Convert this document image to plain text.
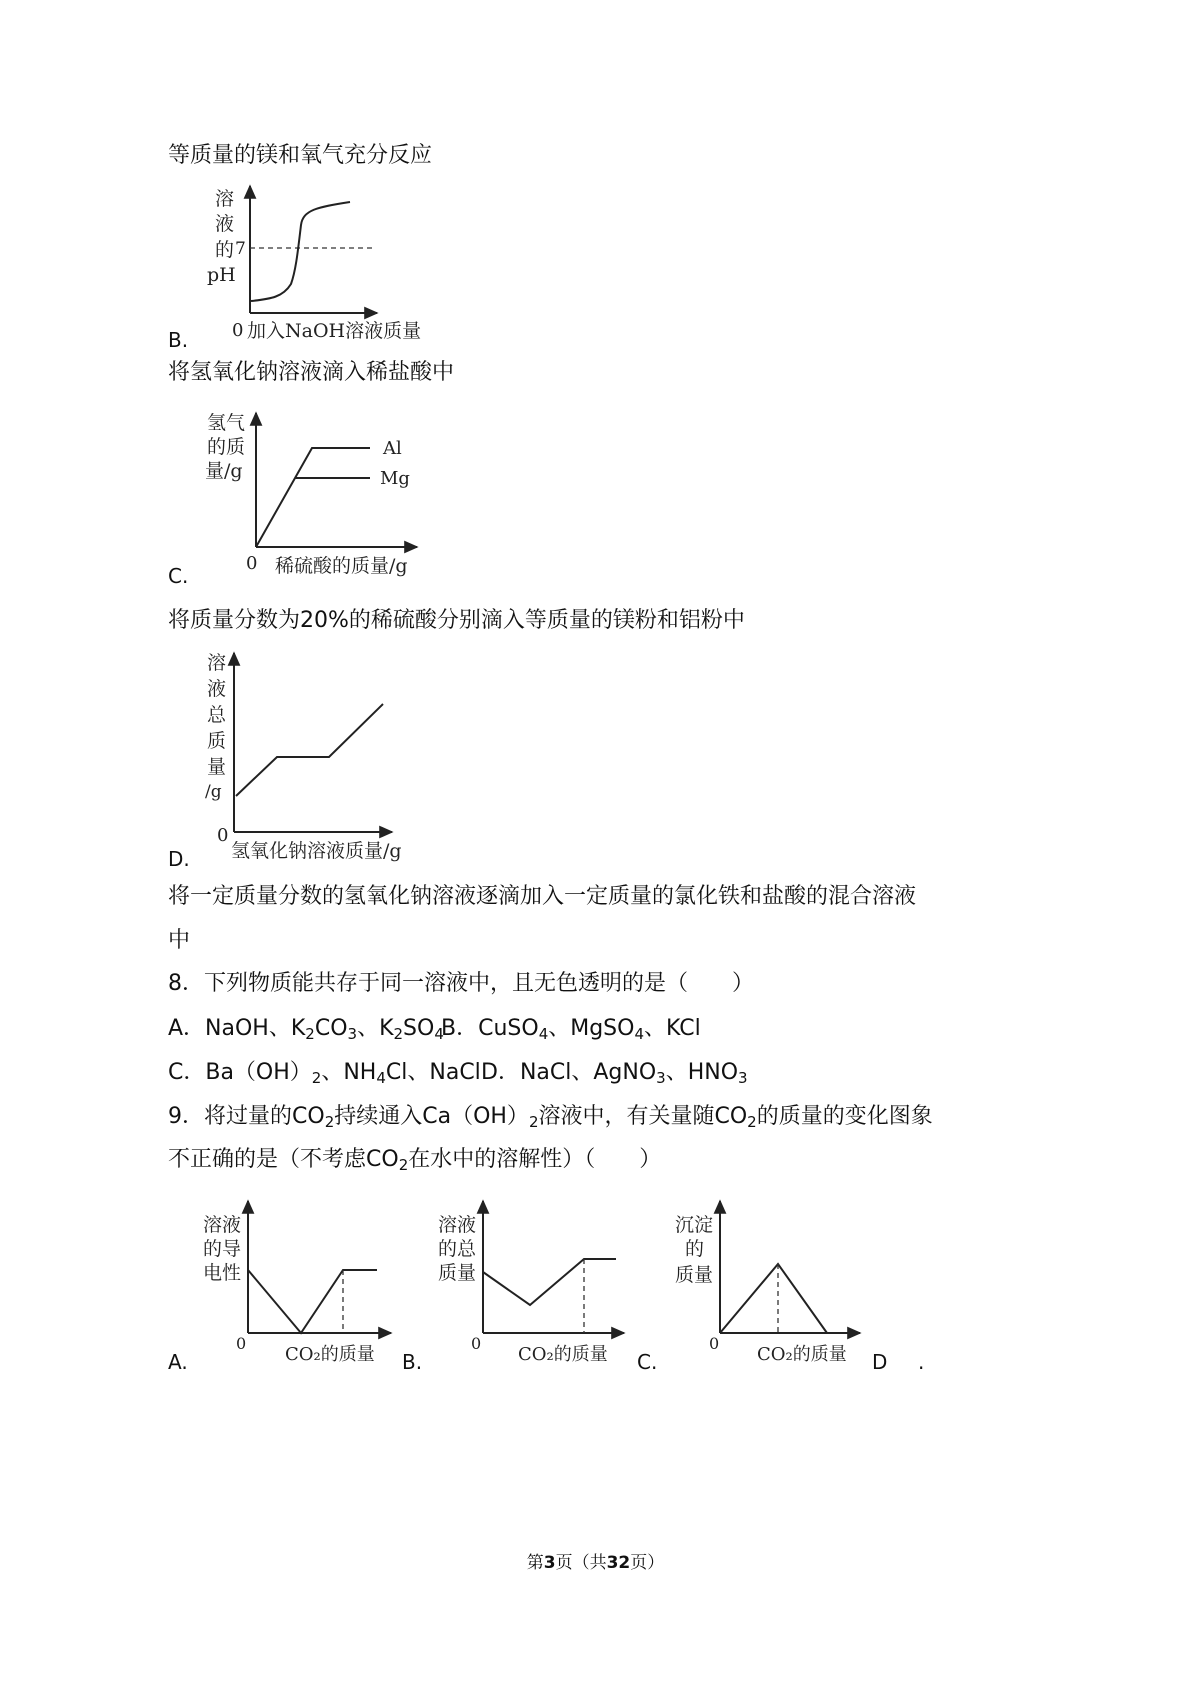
等质量的镁和氧气充分反应
B.
将氢氧化钠溶液滴入稀盐酸中
C.
将质量分数为20%的稀硫酸分别滴入等质量的镁粉和铝粉中
D.
将一定质量分数的氢氧化钠溶液逐滴加入一定质量的氯化铁和盐酸的混合溶液
中
8．下列物质能共存于同一溶液中，且无色透明的是（　　）
A．NaOH、$K_2CO_3$、$K_2SO_4$
B．CuSO$_4$、MgSO$_4$、KCl
C．$Ba(OH)_2$、$NH_4Cl$、NaCl D．NaCl、AgNO$_3$、$HNO_3$
9．将过量的$CO_2$持续通入$Ca(OH)_2$溶液中，有关量随$CO_2$的质量的变化图象
不正确的是（不考虑$CO_2$在水中的溶解性）（　　）
A.	B.	C.	D .
溶
液
的
pH
7
0 加入NaOH溶液质量
Al
Mg
氢气
的质
量/g
0 稀硫酸的质量/g
溶
液
总
质
量
/g
0
氢氧化钠溶液质量/g
溶液
的导
电性
0
CO₂的质量
溶液
的总
质量
0
CO₂的质量
沉淀
的
质量
0
CO₂的质量
第3页（共32页）
